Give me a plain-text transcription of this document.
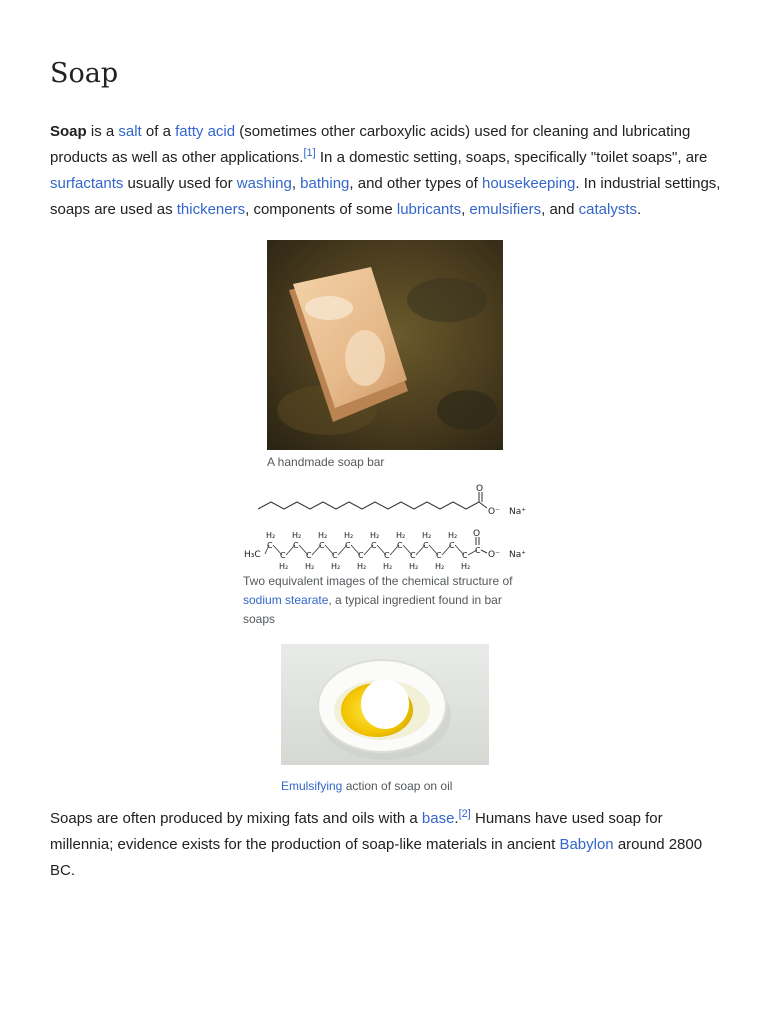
Soap

Soap is a salt of a fatty acid (sometimes other carboxylic acids) used for cleaning and lubricating products as well as other applications.[1] In a domestic setting, soaps, specifically "toilet soaps", are surfactants usually used for washing, bathing, and other types of housekeeping. In industrial settings, soaps are used as thickeners, components of some lubricants, emulsifiers, and catalysts.

A handmade soap bar
O
O⁻ Na⁺
C
H₂
C
H₂
C
H₂
C
H₂
C
H₂
C
H₂
C
H₂
C
H₂
C
H₂
C
H₂
C
H₂
C
H₂
C
H₂
C
H₂
C
H₂
C
H₂
C
H₃C
O
O⁻ Na⁺
Two equivalent images of the chemical structure of sodium stearate, a typical ingredient found in bar soaps
Emulsifying action of soap on oil

Soaps are often produced by mixing fats and oils with a base.[2] Humans have used soap for millennia; evidence exists for the production of soap-like materials in ancient Babylon around 2800 BC.
